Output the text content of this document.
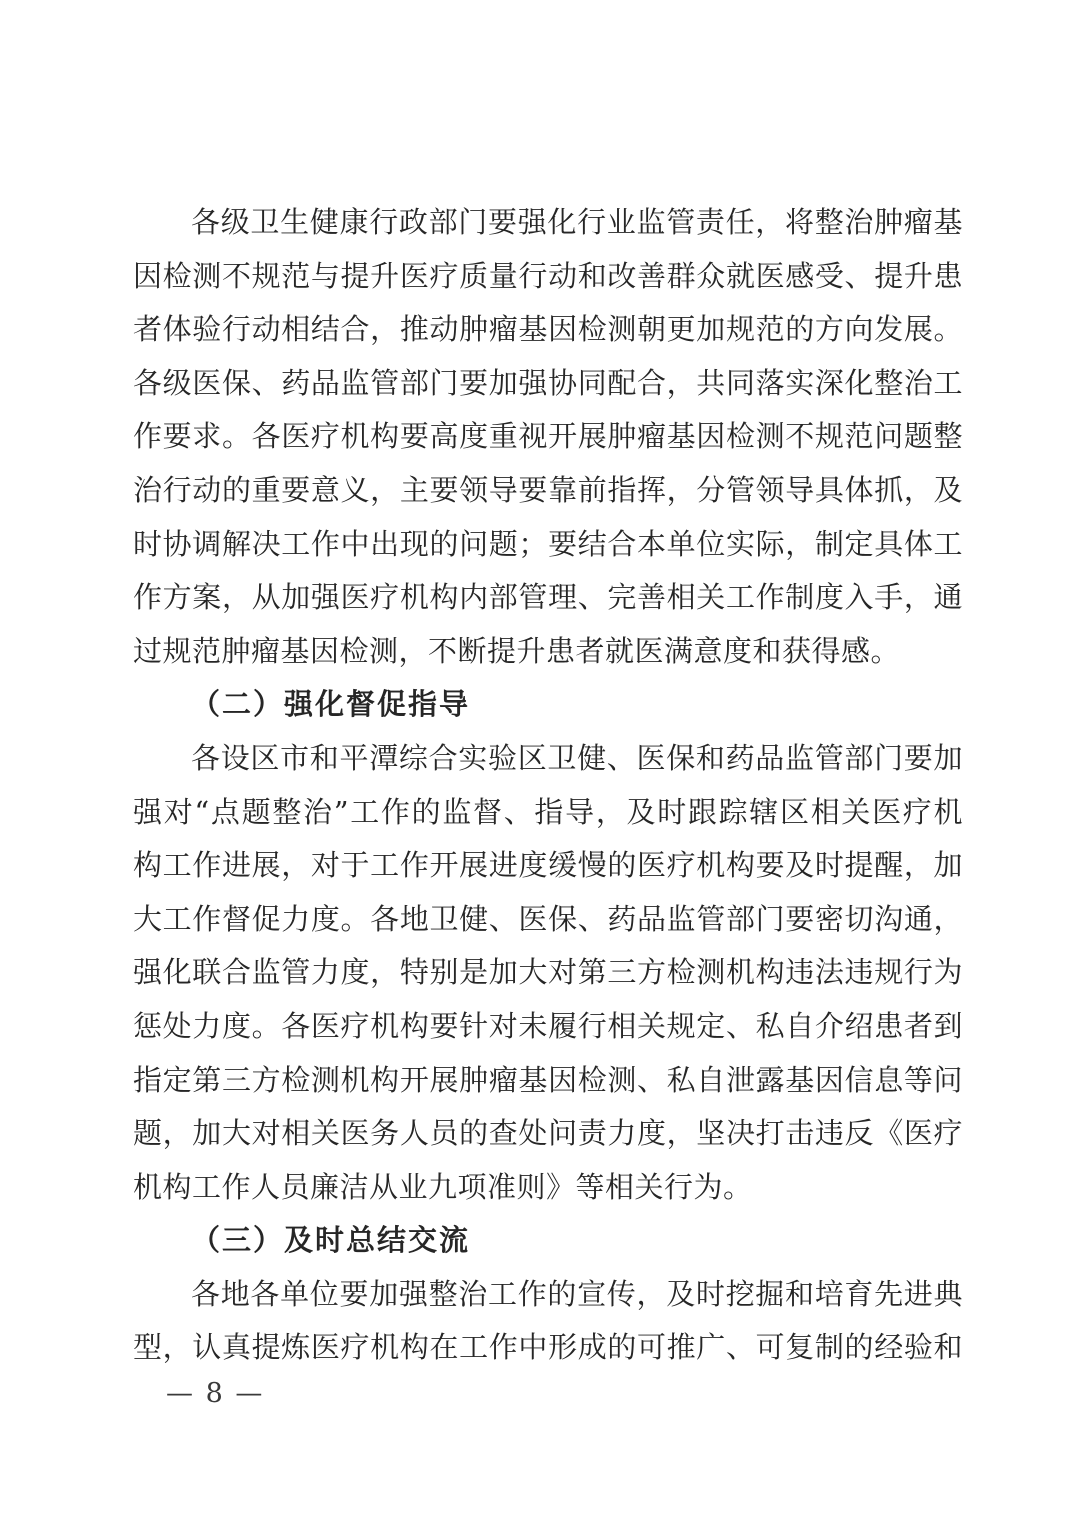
各级卫生健康行政部门要强化行业监管责任，将整治肿瘤基
因检测不规范与提升医疗质量行动和改善群众就医感受、提升患
者体验行动相结合，推动肿瘤基因检测朝更加规范的方向发展。
各级医保、药品监管部门要加强协同配合，共同落实深化整治工
作要求。各医疗机构要高度重视开展肿瘤基因检测不规范问题整
治行动的重要意义，主要领导要靠前指挥，分管领导具体抓，及
时协调解决工作中出现的问题；要结合本单位实际，制定具体工
作方案，从加强医疗机构内部管理、完善相关工作制度入手，通
过规范肿瘤基因检测，不断提升患者就医满意度和获得感。
（二）强化督促指导
各设区市和平潭综合实验区卫健、医保和药品监管部门要加
强对“点题整治”工作的监督、指导，及时跟踪辖区相关医疗机
构工作进展，对于工作开展进度缓慢的医疗机构要及时提醒，加
大工作督促力度。各地卫健、医保、药品监管部门要密切沟通，
强化联合监管力度，特别是加大对第三方检测机构违法违规行为
惩处力度。各医疗机构要针对未履行相关规定、私自介绍患者到
指定第三方检测机构开展肿瘤基因检测、私自泄露基因信息等问
题，加大对相关医务人员的查处问责力度，坚决打击违反《医疗
机构工作人员廉洁从业九项准则》等相关行为。
（三）及时总结交流
各地各单位要加强整治工作的宣传，及时挖掘和培育先进典
型，认真提炼医疗机构在工作中形成的可推广、可复制的经验和
— 8 —
